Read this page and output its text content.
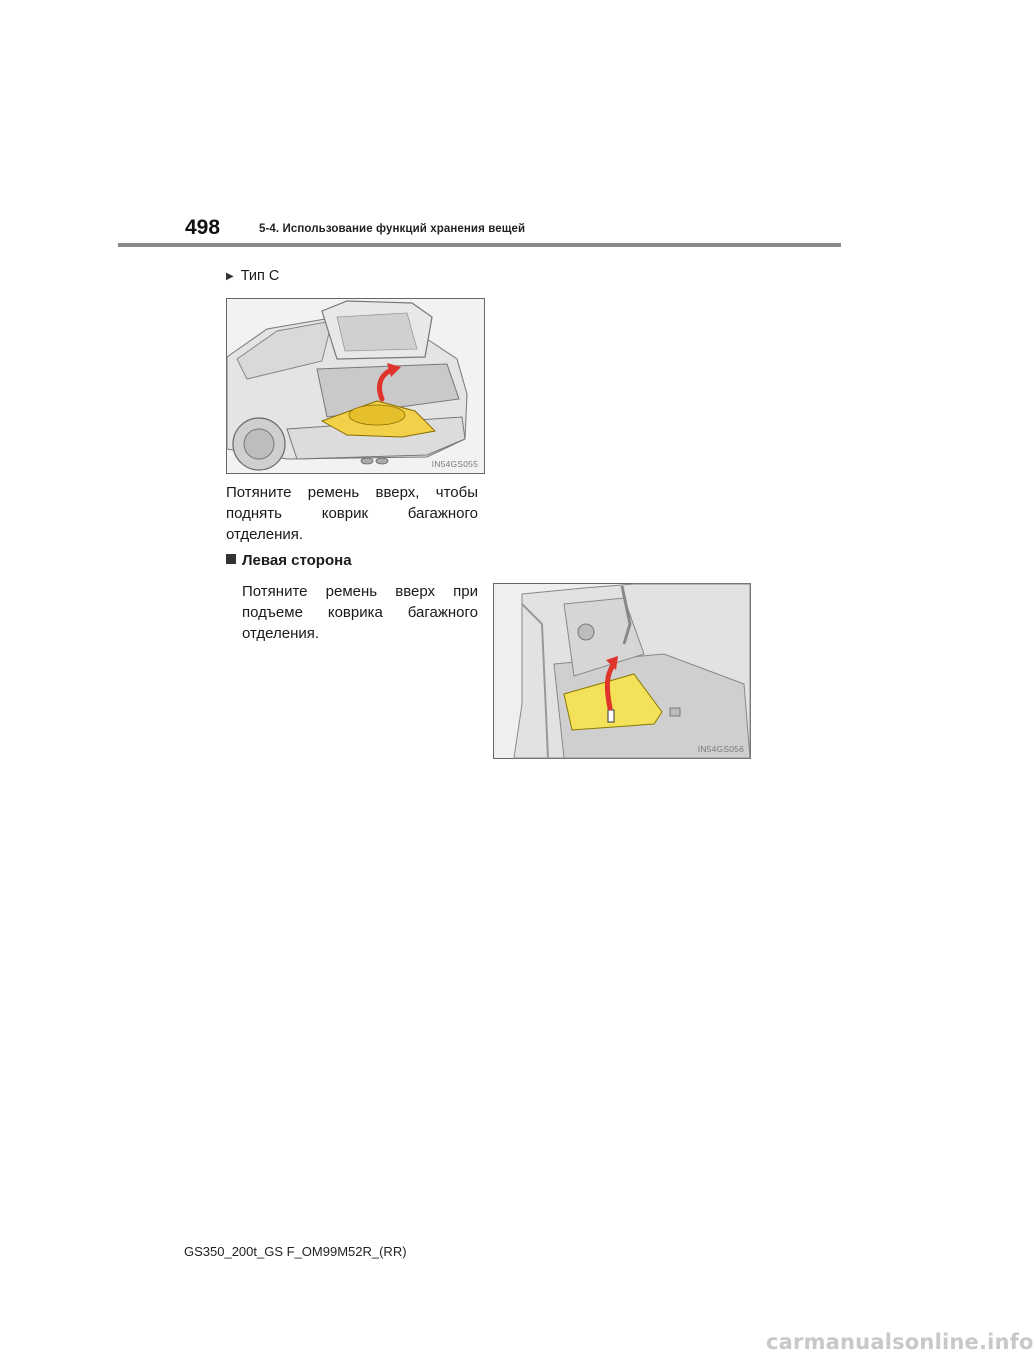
498	5-4. Использование функций хранения вещей
▶ Тип С
IN54GS055
Потяните ремень вверх, чтобы поднять коврик багажного отделения.
Левая сторона
Потяните ремень вверх при подъеме коврика багажного отделения.
IN54GS056
GS350_200t_GS F_OM99M52R_(RR)
carmanualsonline.info
